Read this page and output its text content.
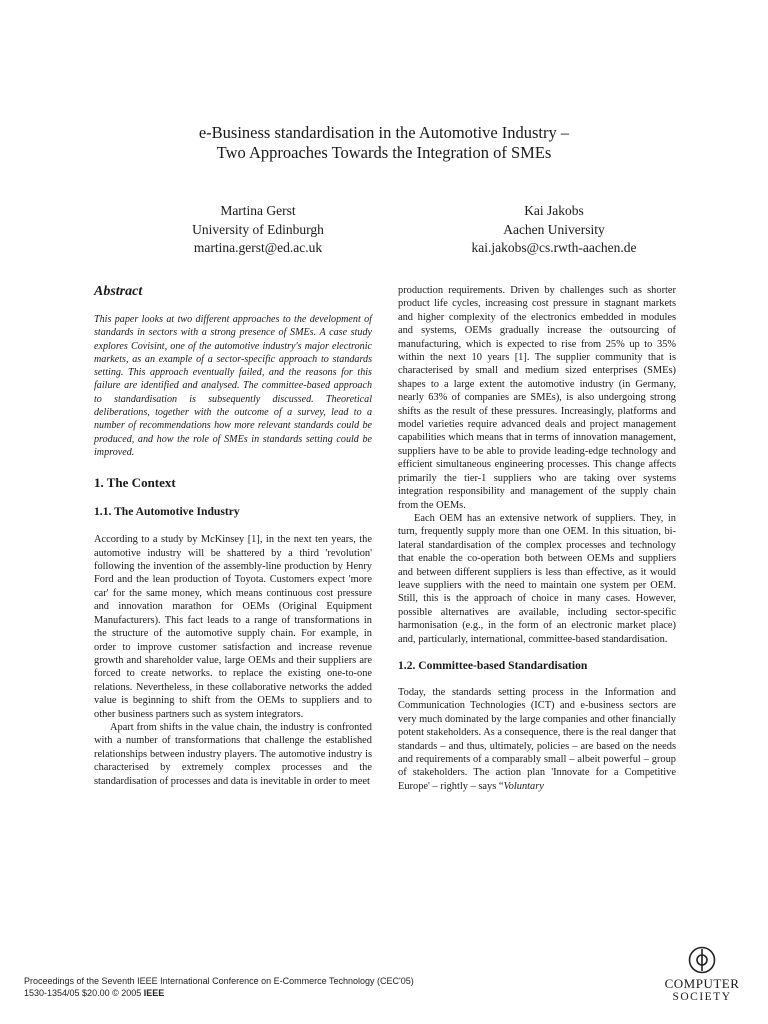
e-Business standardisation in the Automotive Industry –
Two Approaches Towards the Integration of SMEs
Martina Gerst
University of Edinburgh
martina.gerst@ed.ac.uk
Kai Jakobs
Aachen University
kai.jakobs@cs.rwth-aachen.de

Abstract

This paper looks at two different approaches to the development of standards in sectors with a strong presence of SMEs. A case study explores Covisint, one of the automotive industry's major electronic markets, as an example of a sector-specific approach to standards setting. This approach eventually failed, and the reasons for this failure are identified and analysed. The committee-based approach to standardisation is subsequently discussed. Theoretical deliberations, together with the outcome of a survey, lead to a number of recommendations how more relevant standards could be produced, and how the role of SMEs in standards setting could be improved.

1. The Context

1.1. The Automotive Industry

According to a study by McKinsey [1], in the next ten years, the automotive industry will be shattered by a third 'revolution' following the invention of the assembly-line production by Henry Ford and the lean production of Toyota. Customers expect 'more car' for the same money, which means continuous cost pressure and innovation marathon for OEMs (Original Equipment Manufacturers). This fact leads to a range of transformations in the structure of the automotive supply chain. For example, in order to improve customer satisfaction and increase revenue growth and shareholder value, large OEMs and their suppliers are forced to create networks. to replace the existing one-to-one relations. Nevertheless, in these collaborative networks the added value is beginning to shift from the OEMs to suppliers and to other business partners such as system integrators.

Apart from shifts in the value chain, the industry is confronted with a number of transformations that challenge the established relationships between industry players. The automotive industry is characterised by extremely complex processes and the standardisation of processes and data is inevitable in order to meet

production requirements. Driven by challenges such as shorter product life cycles, increasing cost pressure in stagnant markets and higher complexity of the electronics embedded in modules and systems, OEMs gradually increase the outsourcing of manufacturing, which is expected to rise from 25% up to 35% within the next 10 years [1]. The supplier community that is characterised by small and medium sized enterprises (SMEs) shapes to a large extent the automotive industry (in Germany, nearly 63% of companies are SMEs), is also undergoing strong shifts as the result of these pressures. Increasingly, platforms and model varieties require advanced deals and project management capabilities which means that in terms of innovation management, suppliers have to be able to provide leading-edge technology and efficient simultaneous engineering processes. This change affects primarily the tier-1 suppliers who are taking over systems integration responsibility and management of the supply chain from the OEMs.

Each OEM has an extensive network of suppliers. They, in turn, frequently supply more than one OEM. In this situation, bi-lateral standardisation of the complex processes and technology that enable the co-operation both between OEMs and suppliers and between different suppliers is less than effective, as it would leave suppliers with the need to maintain one system per OEM. Still, this is the approach of choice in many cases. However, possible alternatives are available, including sector-specific harmonisation (e.g., in the form of an electronic market place) and, particularly, international, committee-based standardisation.

1.2. Committee-based Standardisation

Today, the standards setting process in the Information and Communication Technologies (ICT) and e-business sectors are very much dominated by the large companies and other financially potent stakeholders. As a consequence, there is the real danger that standards – and thus, ultimately, policies – are based on the needs and requirements of a comparably small – albeit powerful – group of stakeholders. The action plan 'Innovate for a Competitive Europe' – rightly – says “Voluntary

Proceedings of the Seventh IEEE International Conference on E-Commerce Technology (CEC'05)
1530-1354/05 $20.00 © 2005 IEEE
COMPUTER
SOCIETY
